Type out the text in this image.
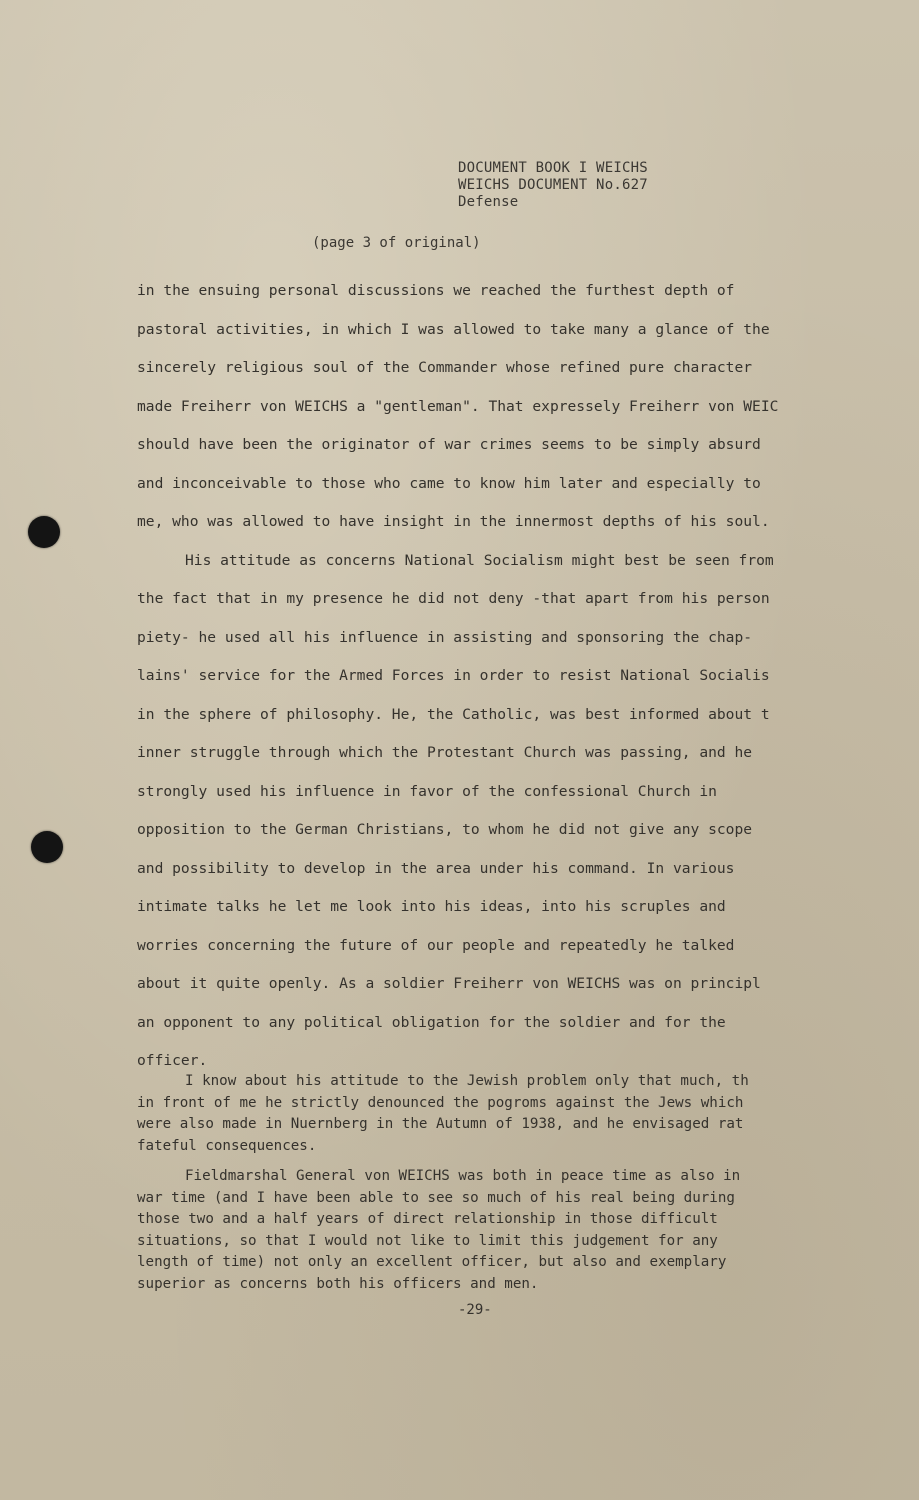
DOCUMENT BOOK I WEICHS
WEICHS DOCUMENT No.627
Defense
(page 3 of original)
in the ensuing personal discussions we reached the furthest depth of
pastoral activities, in which I was allowed to take many a glance of the
sincerely religious soul of the Commander whose refined pure character
made Freiherr von WEICHS a "gentleman". That expressely Freiherr von WEIC
should have been the originator of war crimes seems to be simply absurd
and inconceivable to those who came to know him later and especially to
me, who was allowed to have insight in the innermost depths of his soul.
His attitude as concerns National Socialism might best be seen from
the fact that in my presence he did not deny -that apart from his person
piety- he used all his influence in assisting and sponsoring the chap-
lains' service for the Armed Forces in order to resist National Socialis
in the sphere of philosophy. He, the Catholic, was best informed about t
inner struggle through which the Protestant Church was passing, and he
strongly used his influence in favor of the confessional Church in
opposition to the German Christians, to whom he did not give any scope
and possibility to develop in the area under his command. In various
intimate talks he let me look into his ideas, into his scruples and
worries concerning the future of our people and repeatedly he talked
about it quite openly. As a soldier Freiherr von WEICHS was on principl
an opponent to any political obligation for the soldier and for the
officer.
I know about his attitude to the Jewish problem only that much, th
in front of me he strictly denounced the pogroms against the Jews which
were also made in Nuernberg in the Autumn of 1938, and he envisaged rat
fateful consequences.
Fieldmarshal General von WEICHS was both in peace time as also in
war time (and I have been able to see so much of his real being during
those two and a half years of direct relationship in those difficult
situations, so that I would not like to limit this judgement for any
length of time) not only an excellent officer, but also and exemplary
superior as concerns both his officers and men.
-29-
